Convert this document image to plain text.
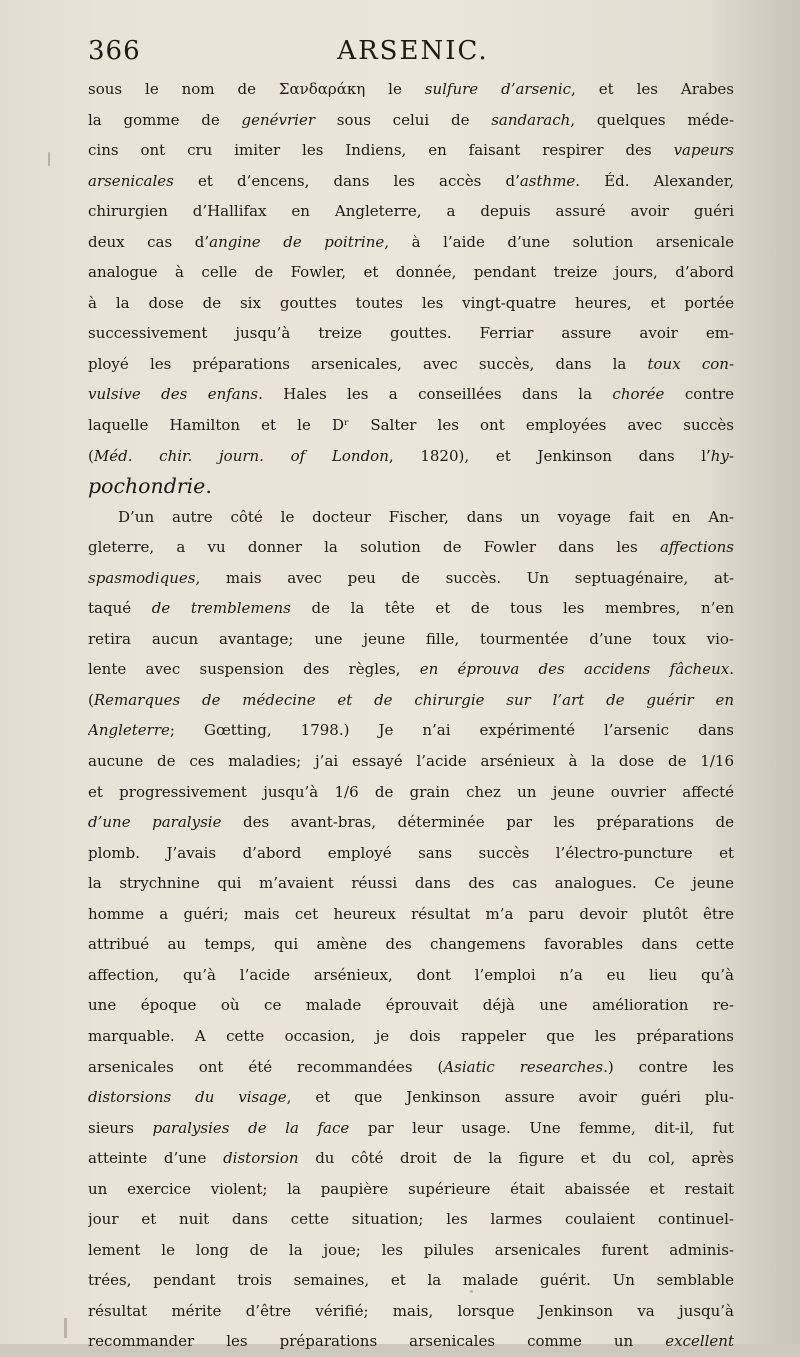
366	ARSENIC.
sous le nom de Σανδαράκη le sulfure d’arsenic, et les Arabes
la gomme de genévrier sous celui de sandarach, quelques méde-
cins ont cru imiter les Indiens, en faisant respirer des vapeurs
arsenicales et d’encens, dans les accès d’asthme. Éd. Alexander,
chirurgien d’Hallifax en Angleterre, a depuis assuré avoir guéri
deux cas d’angine de poitrine, à l’aide d’une solution arsenicale
analogue à celle de Fowler, et donnée, pendant treize jours, d’abord
à la dose de six gouttes toutes les vingt-quatre heures, et portée
successivement jusqu’à treize gouttes. Ferriar assure avoir em-
ployé les préparations arsenicales, avec succès, dans la toux con-
vulsive des enfans. Hales les a conseillées dans la chorée contre
laquelle Hamilton et le Dʳ Salter les ont employées avec succès
(Méd. chir. journ. of London, 1820), et Jenkinson dans l’hy-
pochondrie.
D’un autre côté le docteur Fischer, dans un voyage fait en An-
gleterre, a vu donner la solution de Fowler dans les affections
spasmodiques, mais avec peu de succès. Un septuagénaire, at-
taqué de tremblemens de la tête et de tous les membres, n’en
retira aucun avantage; une jeune fille, tourmentée d’une toux vio-
lente avec suspension des règles, en éprouva des accidens fâcheux.
(Remarques de médecine et de chirurgie sur l’art de guérir en
Angleterre; Gœtting, 1798.) Je n’ai expérimenté l’arsenic dans
aucune de ces maladies; j’ai essayé l’acide arsénieux à la dose de 1/16
et progressivement jusqu’à 1/6 de grain chez un jeune ouvrier affecté
d’une paralysie des avant-bras, déterminée par les préparations de
plomb. J’avais d’abord employé sans succès l’électro-puncture et
la strychnine qui m’avaient réussi dans des cas analogues. Ce jeune
homme a guéri; mais cet heureux résultat m’a paru devoir plutôt être
attribué au temps, qui amène des changemens favorables dans cette
affection, qu’à l’acide arsénieux, dont l’emploi n’a eu lieu qu’à
une époque où ce malade éprouvait déjà une amélioration re-
marquable. A cette occasion, je dois rappeler que les préparations
arsenicales ont été recommandées (Asiatic researches.) contre les
distorsions du visage, et que Jenkinson assure avoir guéri plu-
sieurs paralysies de la face par leur usage. Une femme, dit-il, fut
atteinte d’une distorsion du côté droit de la figure et du col, après
un exercice violent; la paupière supérieure était abaissée et restait
jour et nuit dans cette situation; les larmes coulaient continuel-
lement le long de la joue; les pilules arsenicales furent adminis-
trées, pendant trois semaines, et la malade guérit. Un semblable
résultat mérite d’être vérifié; mais, lorsque Jenkinson va jusqu’à
recommander les préparations arsenicales comme un excellent
